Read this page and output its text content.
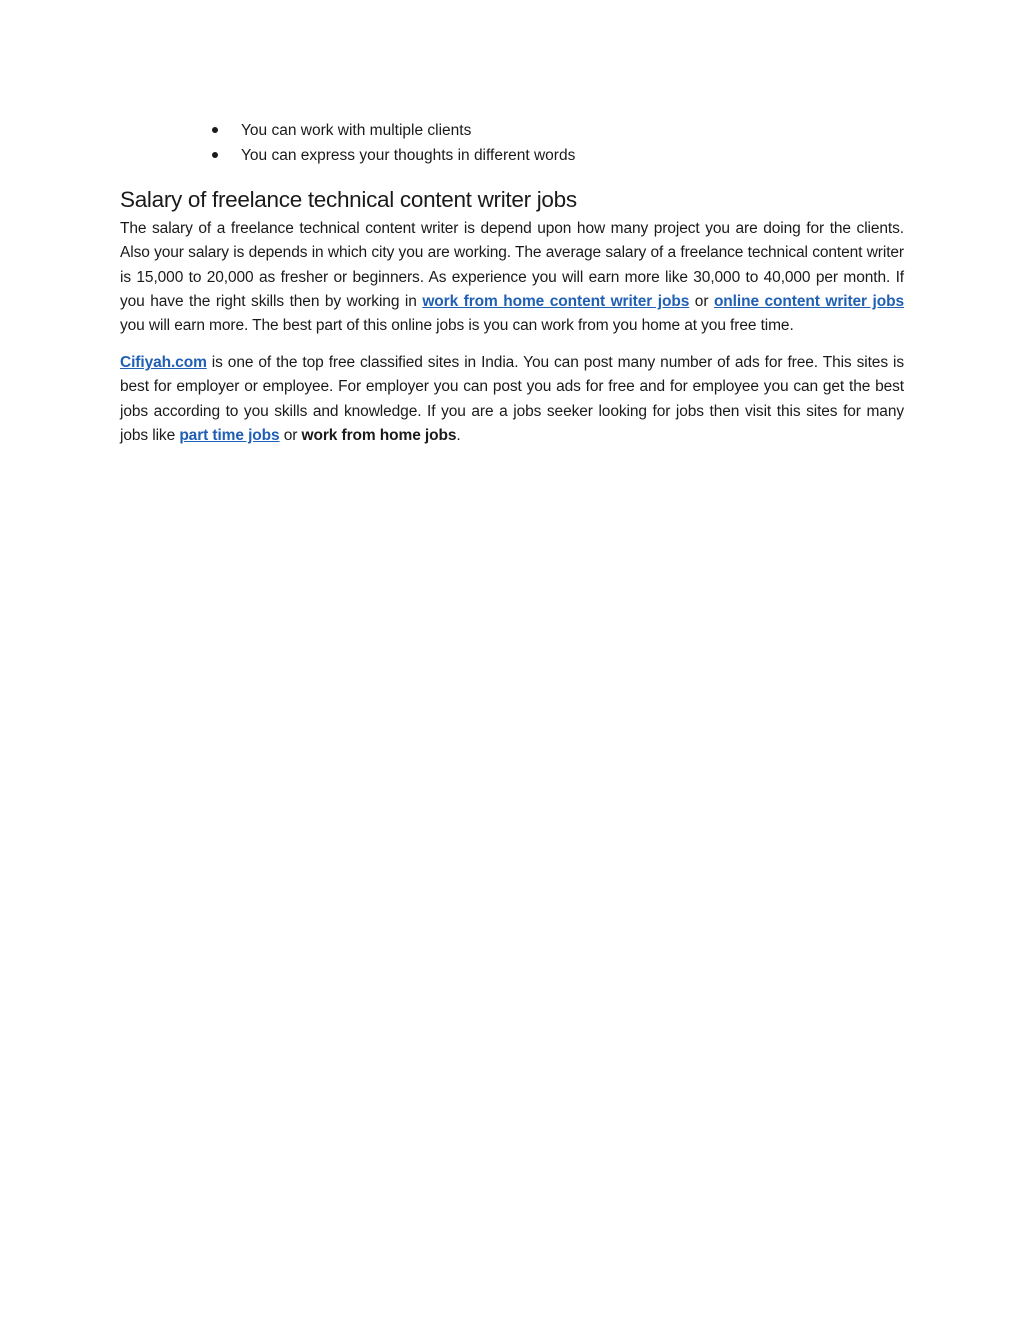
You can work with multiple clients
You can express your thoughts in different words
Salary of freelance technical content writer jobs

The salary of a freelance technical content writer is depend upon how many project you are doing for the clients. Also your salary is depends in which city you are working. The average salary of a freelance technical content writer is 15,000 to 20,000 as fresher or beginners. As experience you will earn more like 30,000 to 40,000 per month. If you have the right skills then by working in work from home content writer jobs or online content writer jobs you will earn more. The best part of this online jobs is you can work from you home at you free time.

Cifiyah.com is one of the top free classified sites in India. You can post many number of ads for free. This sites is best for employer or employee. For employer you can post you ads for free and for employee you can get the best jobs according to you skills and knowledge. If you are a jobs seeker looking for jobs then visit this sites for many jobs like part time jobs or work from home jobs.
